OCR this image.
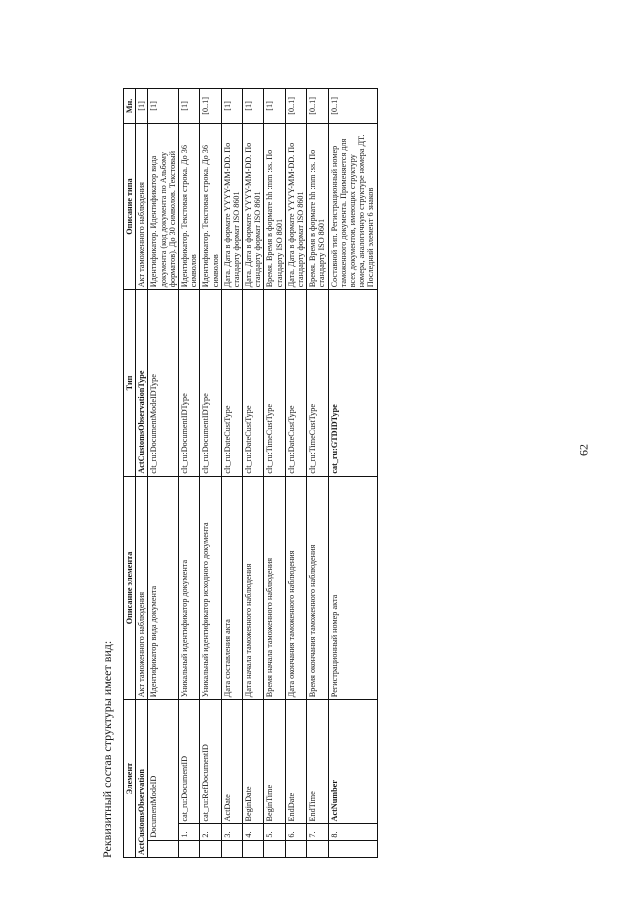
62
Реквизитный состав структуры имеет вид: Элемент			Описание элемента	Тип	Описание типа	Мн.
ActCustomsObservation			Акт таможенного наблюдения	ActCustomsObservationType	Акт таможенного наблюдения	[1]
	DocumentModeID		Идентификатор вида документа	clt_ru:DocumentModeIDType	Идентификатор. Идентификатор вида документа (код документа по Альбому форматов). До 30 символов. Текстовый	[1]
	1.	cat_ru:DocumentID	Уникальный идентификатор документа	clt_ru:DocumentIDType	Идентификатор. Текстовая строка. До 36 символов	[1]
	2.	cat_ru:RefDocumentID	Уникальный идентификатор исходного документа	clt_ru:DocumentIDType	Идентификатор. Текстовая строка. До 36 символов	[0..1]
	3.	ActDate	Дата составления акта	clt_ru:DateCustType	Дата. Дата в формате YYYY-MM-DD. По стандарту формат ISO 8601	[1]
	4.	BeginDate	Дата начала таможенного наблюдения	clt_ru:DateCustType	Дата. Дата в формате YYYY-MM-DD. По стандарту формат ISO 8601	[1]
	5.	BeginTime	Время начала таможенного наблюдения	clt_ru:TimeCustType	Время. Время в формате hh :mm :ss. По стандарту ISO 8601	[1]
	6.	EndDate	Дата окончания таможенного наблюдения	clt_ru:DateCustType	Дата. Дата в формате YYYY-MM-DD. По стандарту формат ISO 8601	[0..1]
	7.	EndTime	Время окончания таможенного наблюдения	clt_ru:TimeCustType	Время. Время в формате hh :mm :ss. По стандарту ISO 8601	[0..1]
	8.	ActNumber	Регистрационный номер акта	cat_ru:GTDIDType	Составной тип. Регистрационный номер таможенного документа. Применяется для всех документов, имеющих структуру номера, аналогичную структуре номера ДТ. Последний элемент 6 знаков	[0..1]
